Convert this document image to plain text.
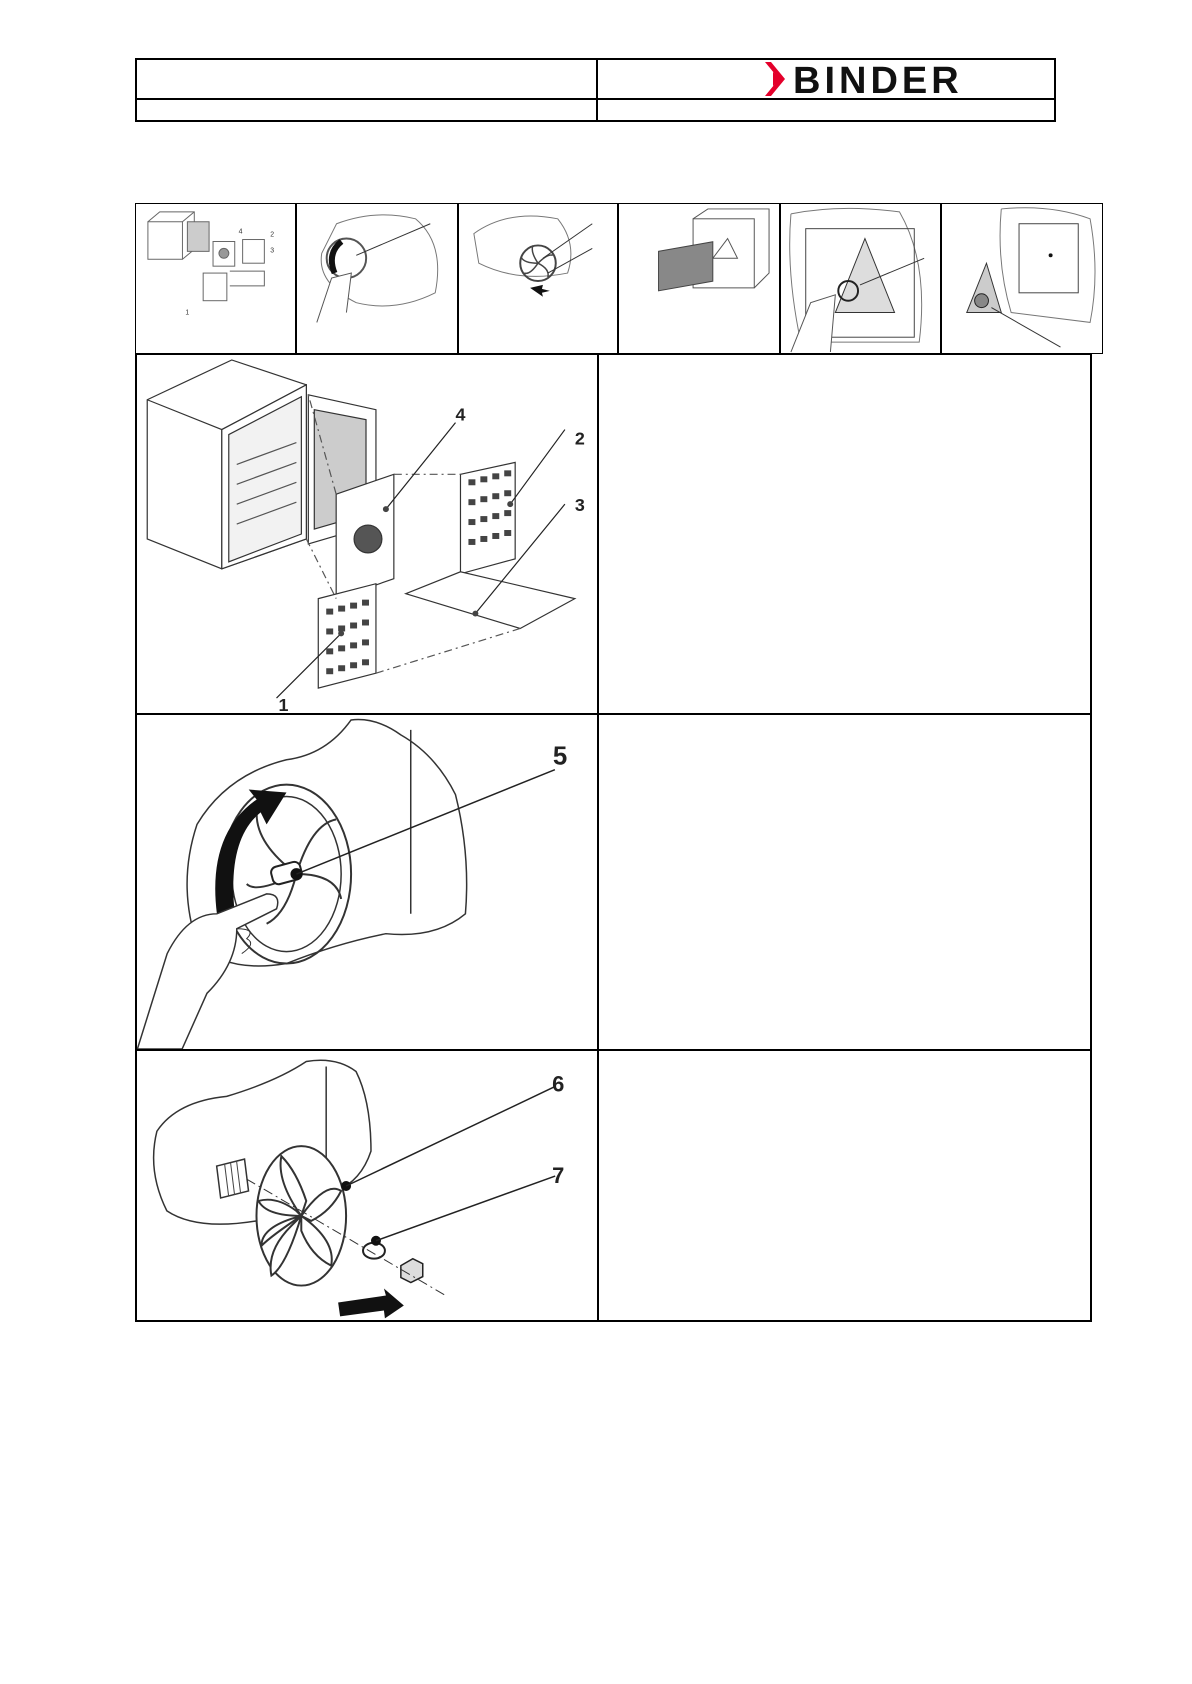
BINDER
4	2
3
1
4
2
3
1
5
6
7
